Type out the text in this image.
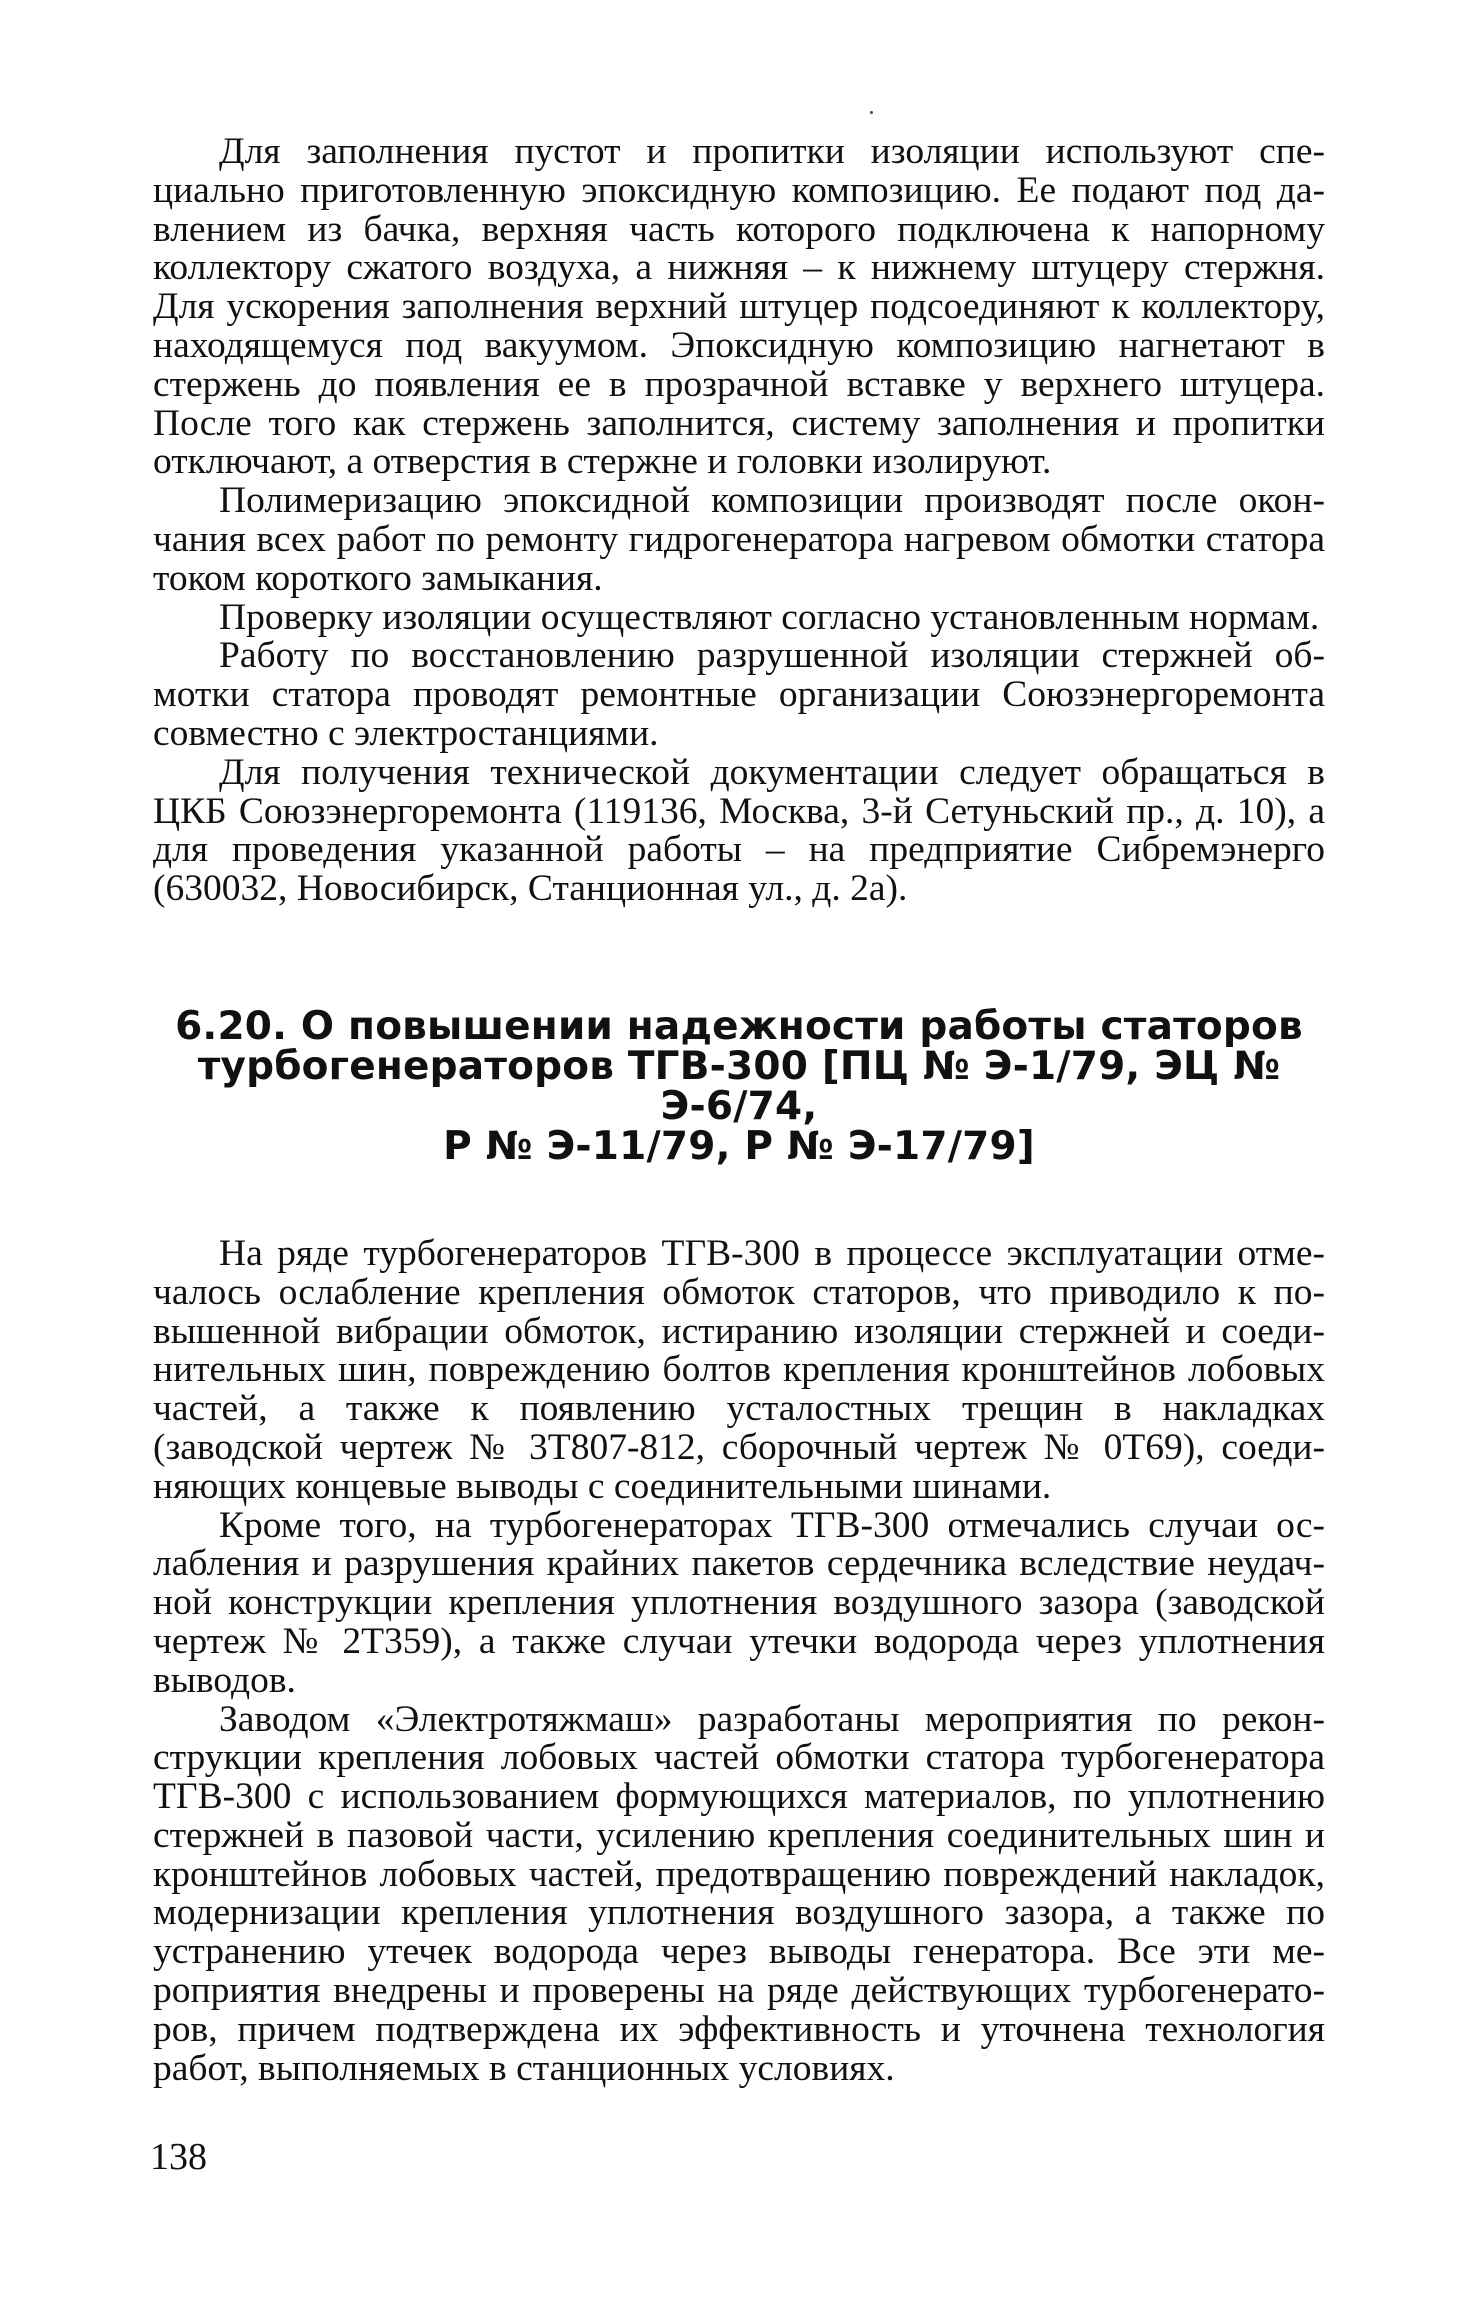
Для заполнения пустот и пропитки изоляции используют специально приготовленную эпоксидную композицию. Ее подают под давлением из бачка, верхняя часть которого подключена к напорному коллектору сжатого воздуха, а нижняя – к нижнему штуцеру стержня. Для ускорения заполнения верхний штуцер подсоединяют к коллектору, находящемуся под вакуумом. Эпоксидную композицию нагнетают в стержень до появления ее в прозрачной вставке у верхнего штуцера. После того как стержень заполнится, систему заполнения и пропитки отключают, а отверстия в стержне и головки изолируют.

Полимеризацию эпоксидной композиции производят после окончания всех работ по ремонту гидрогенератора нагревом обмотки статора током короткого замыкания.

Проверку изоляции осуществляют согласно установленным нормам.

Работу по восстановлению разрушенной изоляции стержней обмотки статора проводят ремонтные организации Союзэнергоремонта совместно с электростанциями.

Для получения технической документации следует обращаться в ЦКБ Союзэнергоремонта (119136, Москва, 3-й Сетуньский пр., д. 10), а для проведения указанной работы – на предприятие Сибремэнерго (630032, Новосибирск, Станционная ул., д. 2а).

6.20. О повышении надежности работы статоров
турбогенераторов ТГВ-300 [ПЦ № Э-1/79, ЭЦ № Э-6/74,
Р № Э-11/79, Р № Э-17/79]

На ряде турбогенераторов ТГВ-300 в процессе эксплуатации отмечалось ослабление крепления обмоток статоров, что приводило к повышенной вибрации обмоток, истиранию изоляции стержней и соединительных шин, повреждению болтов крепления кронштейнов лобовых частей, а также к появлению усталостных трещин в накладках (заводской чертеж № 3Т807-812, сборочный чертеж № 0Т69), соединяющих концевые выводы с соединительными шинами.

Кроме того, на турбогенераторах ТГВ-300 отмечались случаи ослабления и разрушения крайних пакетов сердечника вследствие неудачной конструкции крепления уплотнения воздушного зазора (заводской чертеж № 2Т359), а также случаи утечки водорода через уплотнения выводов.

Заводом «Электротяжмаш» разработаны мероприятия по реконструкции крепления лобовых частей обмотки статора турбогенератора ТГВ-300 с использованием формующихся материалов, по уплотнению стержней в пазовой части, усилению крепления соединительных шин и кронштейнов лобовых частей, предотвращению повреждений накладок, модернизации крепления уплотнения воздушного зазора, а также по устранению утечек водорода через выводы генератора. Все эти мероприятия внедрены и проверены на ряде действующих турбогенераторов, причем подтверждена их эффективность и уточнена технология работ, выполняемых в станционных условиях.

138
